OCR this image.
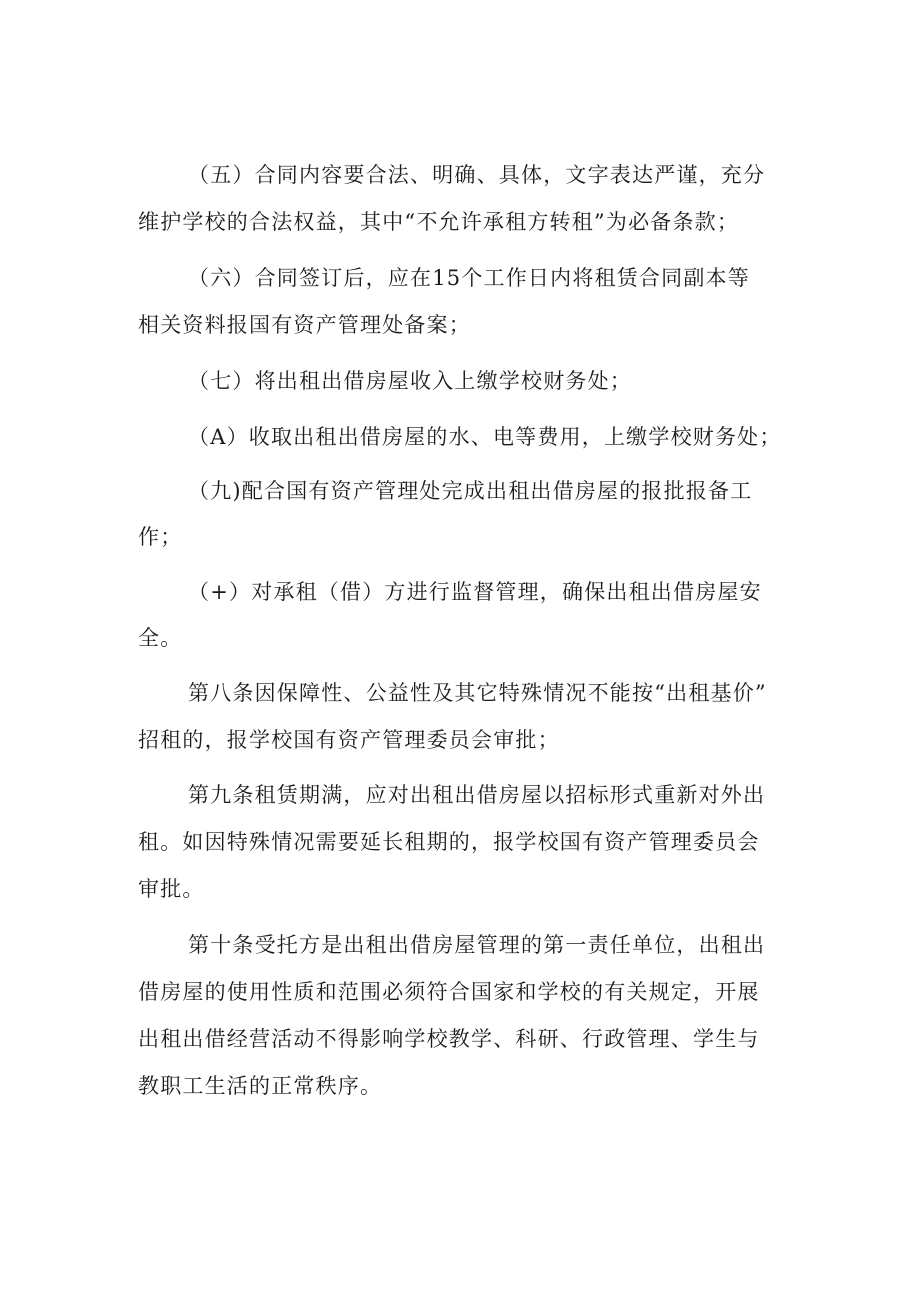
（五）合同内容要合法、明确、具体，文字表达严谨，充分
维护学校的合法权益，其中“不允许承租方转租”为必备条款；
（六）合同签订后，应在15个工作日内将租赁合同副本等
相关资料报国有资产管理处备案；
（七）将出租出借房屋收入上缴学校财务处；
（A）收取出租出借房屋的水、电等费用，上缴学校财务处；
（九)配合国有资产管理处完成出租出借房屋的报批报备工
作；
（+）对承租（借）方进行监督管理，确保出租出借房屋安
全。
第八条因保障性、公益性及其它特殊情况不能按“出租基价”
招租的，报学校国有资产管理委员会审批；
第九条租赁期满，应对出租出借房屋以招标形式重新对外出
租。如因特殊情况需要延长租期的，报学校国有资产管理委员会
审批。
第十条受托方是出租出借房屋管理的第一责任单位，出租出
借房屋的使用性质和范围必须符合国家和学校的有关规定，开展
出租出借经营活动不得影响学校教学、科研、行政管理、学生与
教职工生活的正常秩序。
